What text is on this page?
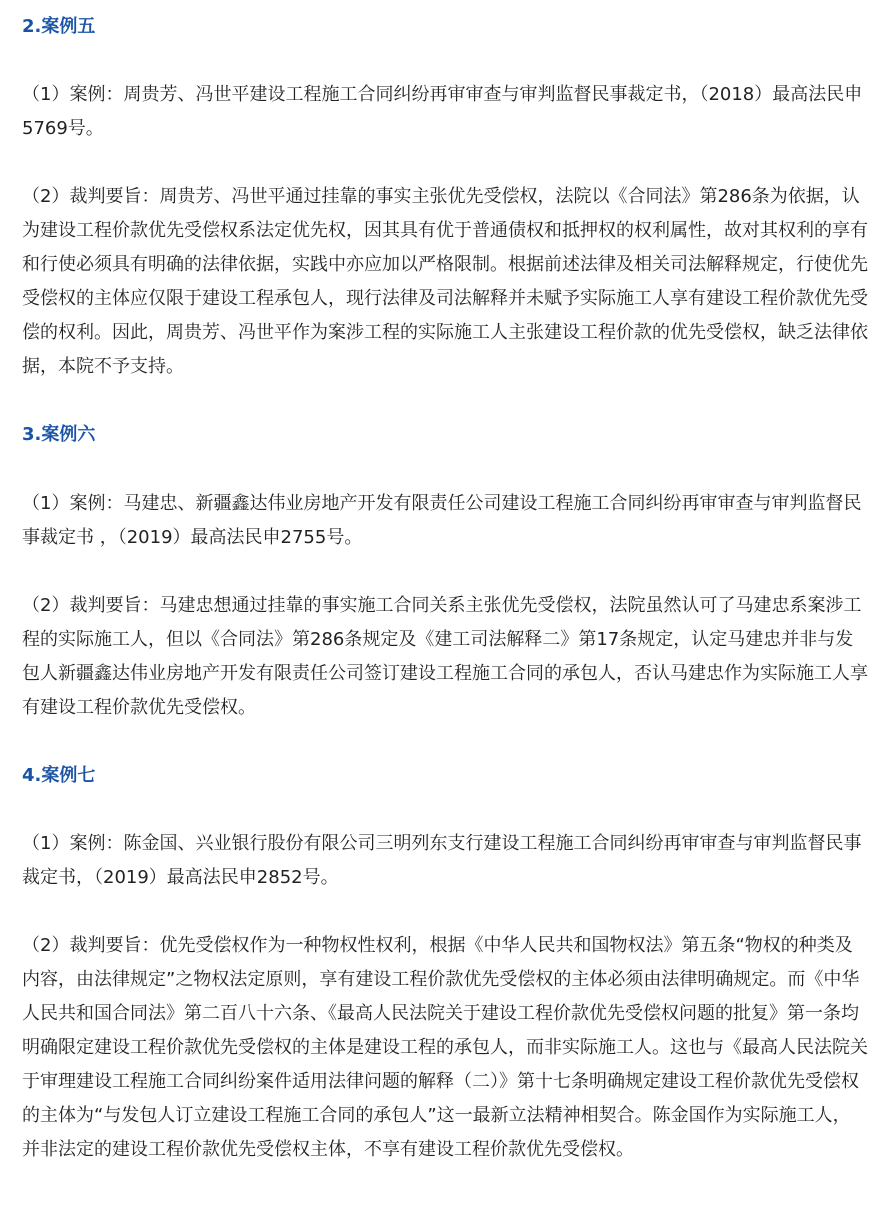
2.案例五
（1）案例：周贵芳、冯世平建设工程施工合同纠纷再审审查与审判监督民事裁定书，（2018）最高法民申5769号。
（2）裁判要旨：周贵芳、冯世平通过挂靠的事实主张优先受偿权，法院以《合同法》第286条为依据，认为建设工程价款优先受偿权系法定优先权，因其具有优于普通债权和抵押权的权利属性，故对其权利的享有和行使必须具有明确的法律依据，实践中亦应加以严格限制。根据前述法律及相关司法解释规定，行使优先受偿权的主体应仅限于建设工程承包人，现行法律及司法解释并未赋予实际施工人享有建设工程价款优先受偿的权利。因此，周贵芳、冯世平作为案涉工程的实际施工人主张建设工程价款的优先受偿权，缺乏法律依据，本院不予支持。
3.案例六
（1）案例：马建忠、新疆鑫达伟业房地产开发有限责任公司建设工程施工合同纠纷再审审查与审判监督民事裁定书 ，（2019）最高法民申2755号。
（2）裁判要旨：马建忠想通过挂靠的事实施工合同关系主张优先受偿权，法院虽然认可了马建忠系案涉工程的实际施工人，但以《合同法》第286条规定及《建工司法解释二》第17条规定，认定马建忠并非与发包人新疆鑫达伟业房地产开发有限责任公司签订建设工程施工合同的承包人，否认马建忠作为实际施工人享有建设工程价款优先受偿权。
4.案例七
（1）案例：陈金国、兴业银行股份有限公司三明列东支行建设工程施工合同纠纷再审审查与审判监督民事裁定书，（2019）最高法民申2852号。
（2）裁判要旨：优先受偿权作为一种物权性权利，根据《中华人民共和国物权法》第五条“物权的种类及内容，由法律规定”之物权法定原则，享有建设工程价款优先受偿权的主体必须由法律明确规定。而《中华人民共和国合同法》第二百八十六条、《最高人民法院关于建设工程价款优先受偿权问题的批复》第一条均明确限定建设工程价款优先受偿权的主体是建设工程的承包人，而非实际施工人。这也与《最高人民法院关于审理建设工程施工合同纠纷案件适用法律问题的解释（二）》第十七条明确规定建设工程价款优先受偿权的主体为“与发包人订立建设工程施工合同的承包人”这一最新立法精神相契合。陈金国作为实际施工人，并非法定的建设工程价款优先受偿权主体，不享有建设工程价款优先受偿权。
